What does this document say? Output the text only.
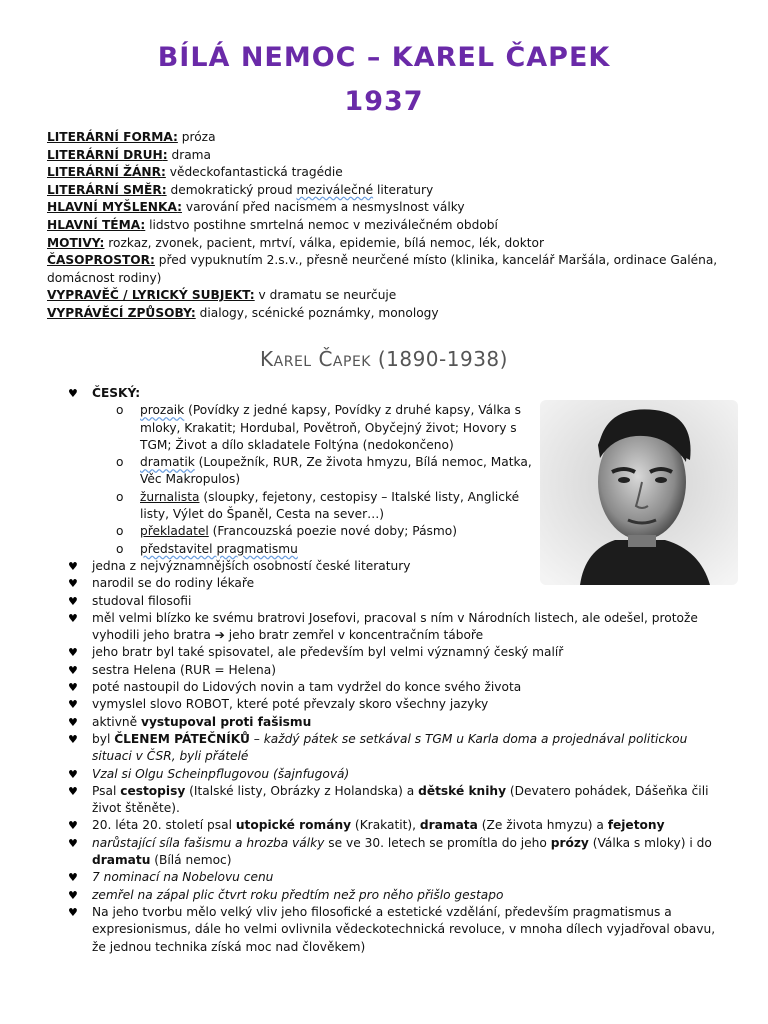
BÍLÁ NEMOC – KAREL ČAPEK
1937
LITERÁRNÍ FORMA: próza
LITERÁRNÍ DRUH: drama
LITERÁRNÍ ŽÁNR: vědeckofantastická tragédie
LITERÁRNÍ SMĚR: demokratický proud meziválečné literatury
HLAVNÍ MYŠLENKA: varování před nacismem a nesmyslnost války
HLAVNÍ TÉMA: lidstvo postihne smrtelná nemoc v meziválečném období
MOTIVY: rozkaz, zvonek, pacient, mrtví, válka, epidemie, bílá nemoc, lék, doktor
ČASOPROSTOR: před vypuknutím 2.s.v., přesně neurčené místo (klinika, kancelář Maršála, ordinace Galéna, domácnost rodiny)
VYPRAVĚČ / LYRICKÝ SUBJEKT: v dramatu se neurčuje
VYPRÁVĚCÍ ZPŮSOBY: dialogy, scénické poznámky, monology
Karel Čapek (1890-1938)
♥ ČESKÝ:
o prozaik (Povídky z jedné kapsy, Povídky z druhé kapsy, Válka s mloky, Krakatit; Hordubal, Povětroň, Obyčejný život; Hovory s TGM; Život a dílo skladatele Foltýna (nedokončeno)
o dramatik (Loupežník, RUR, Ze života hmyzu, Bílá nemoc, Matka, Věc Makropulos)
o žurnalista (sloupky, fejetony, cestopisy – Italské listy, Anglické listy, Výlet do Španěl, Cesta na sever…)
o překladatel (Francouzská poezie nové doby; Pásmo)
o představitel pragmatismu
♥ jedna z nejvýznamnějších osobností české literatury
♥ narodil se do rodiny lékaře
♥ studoval filosofii
♥ měl velmi blízko ke svému bratrovi Josefovi, pracoval s ním v Národních listech, ale odešel, protože vyhodili jeho bratra ➔ jeho bratr zemřel v koncentračním táboře
♥ jeho bratr byl také spisovatel, ale především byl velmi významný český malíř
♥ sestra Helena (RUR = Helena)
♥ poté nastoupil do Lidových novin a tam vydržel do konce svého života
♥ vymyslel slovo ROBOT, které poté převzaly skoro všechny jazyky
♥ aktivně vystupoval proti fašismu
♥ byl ČLENEM PÁTEČNÍKŮ – každý pátek se setkával s TGM u Karla doma a projednával politickou situaci v ČSR, byli přátelé
♥ Vzal si Olgu Scheinpflugovou (šajnfugová)
♥ Psal cestopisy (Italské listy, Obrázky z Holandska) a dětské knihy (Devatero pohádek, Dášeňka čili život štěněte).
♥ 20. léta 20. století psal utopické romány (Krakatit), dramata (Ze života hmyzu) a fejetony
♥ narůstající síla fašismu a hrozba války se ve 30. letech se promítla do jeho prózy (Válka s mloky) i do dramatu (Bílá nemoc)
♥ 7 nominací na Nobelovu cenu
♥ zemřel na zápal plic čtvrt roku předtím než pro něho přišlo gestapo
♥ Na jeho tvorbu mělo velký vliv jeho filosofické a estetické vzdělání, především pragmatismus a expresionismus, dále ho velmi ovlivnila vědeckotechnická revoluce, v mnoha dílech vyjadřoval obavu, že jednou technika získá moc nad člověkem)
